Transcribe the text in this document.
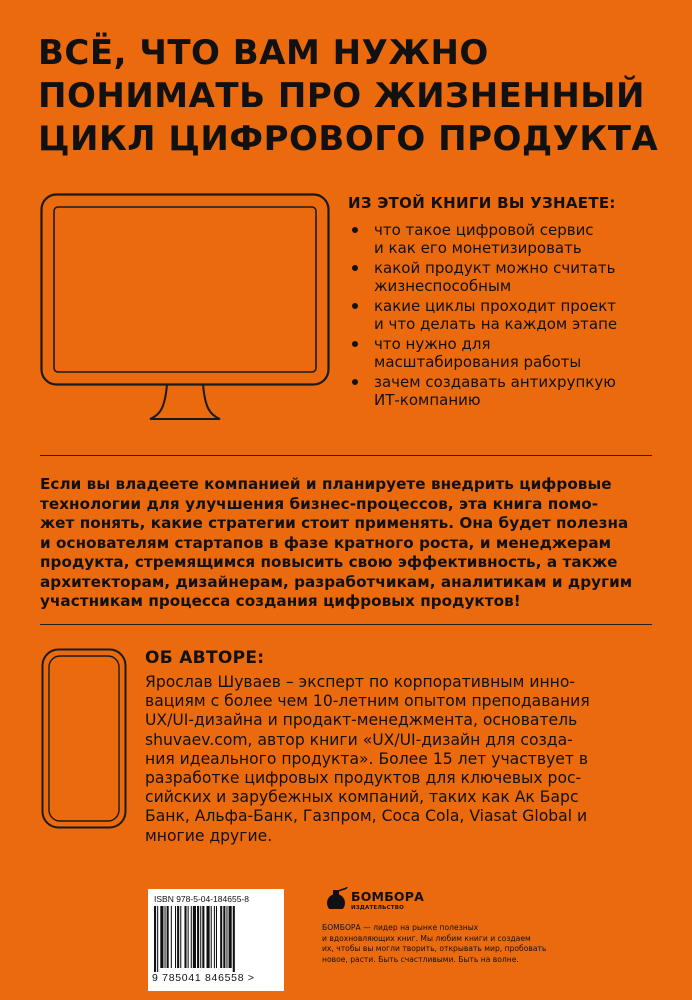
ВСЁ, ЧТО ВАМ НУЖНО
ПОНИМАТЬ ПРО ЖИЗНЕННЫЙ
ЦИКЛ ЦИФРОВОГО ПРОДУКТА
ИЗ ЭТОЙ КНИГИ ВЫ УЗНАЕТЕ:
что такое цифровой сервис
и как его монетизировать
какой продукт можно считать
жизнеспособным
какие циклы проходит проект
и что делать на каждом этапе
что нужно для
масштабирования работы
зачем создавать антихрупкую
ИТ-компанию
Если вы владеете компанией и планируете внедрить цифровые
технологии для улучшения бизнес-процессов, эта книга помо-
жет понять, какие стратегии стоит применять. Она будет полезна
и основателям стартапов в фазе кратного роста, и менеджерам
продукта, стремящимся повысить свою эффективность, а также
архитекторам, дизайнерам, разработчикам, аналитикам и другим
участникам процесса создания цифровых продуктов!
ОБ АВТОРЕ:
Ярослав Шуваев – эксперт по корпоративным инно-
вациям с более чем 10-летним опытом преподавания
UX/UI-дизайна и продакт-менеджмента, основатель
shuvaev.com, автор книги «UX/UI-дизайн для созда-
ния идеального продукта». Более 15 лет участвует в
разработке цифровых продуктов для ключевых рос-
сийских и зарубежных компаний, таких как Ак Барс
Банк, Альфа-Банк, Газпром, Coca Cola, Viasat Global и
многие другие.
ISBN 978-5-04-184655-8
9 785041 846558 >
БОМБОРА
ИЗДАТЕЛЬСТВО
БОМБОРА — лидер на рынке полезных
и вдохновляющих книг. Мы любим книги и создаем
их, чтобы вы могли творить, открывать мир, пробовать
новое, расти. Быть счастливыми. Быть на волне.
